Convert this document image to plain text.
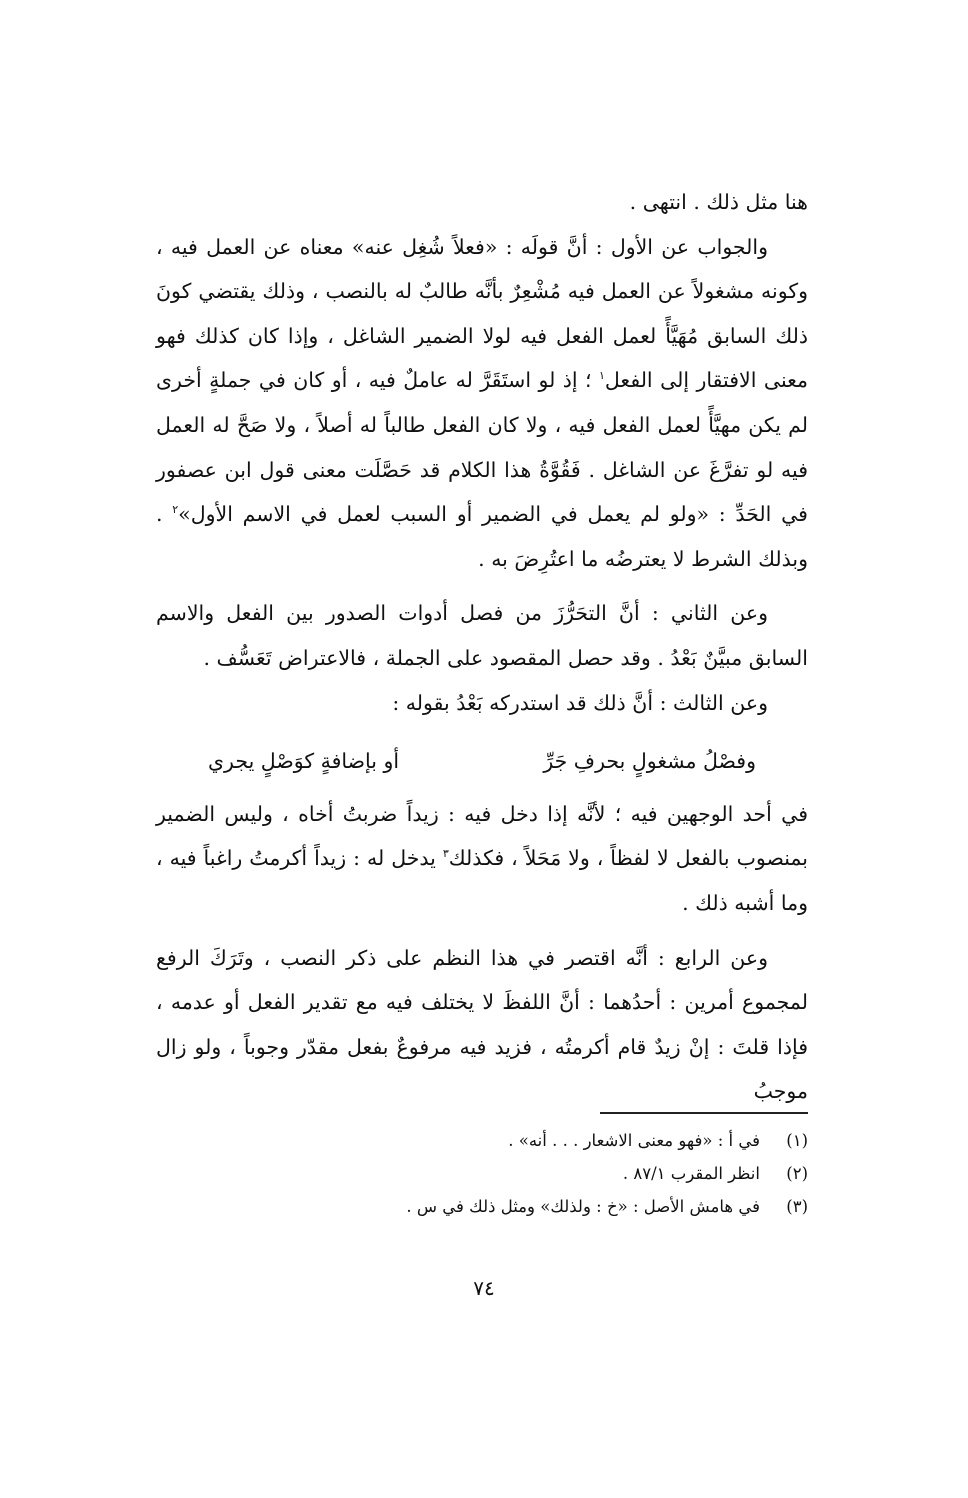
هنا مثل ذلك . انتهى .

والجواب عن الأول : أنَّ قولَه : «فعلاً شُغِل عنه» معناه عن العمل فيه ، وكونه مشغولاً عن العمل فيه مُشْعِرٌ بأنَّه طالبٌ له بالنصب ، وذلك يقتضي كونَ ذلك السابق مُهَيَّأً لعمل الفعل فيه لولا الضمير الشاغل ، وإذا كان كذلك فهو معنى الافتقار إلى الفعل$^١$ ؛ إذ لو استَقَرَّ له عاملٌ فيه ، أو كان في جملةٍ أخرى لم يكن مهيَّأً لعمل الفعل فيه ، ولا كان الفعل طالباً له أصلاً ، ولا صَحَّ له العمل فيه لو تفرَّغَ عن الشاغل . فَقُوَّةُ هذا الكلام قد حَصَّلَت معنى قول ابن عصفور في الحَدِّ : «ولو لم يعمل في الضمير أو السبب لعمل في الاسم الأول»$^٢$ . وبذلك الشرط لا يعترضُه ما اعتُرِضَ به .

وعن الثاني : أنَّ التحَرُّزَ من فصل أدوات الصدور بين الفعل والاسم السابق مبيَّنٌ بَعْدُ . وقد حصل المقصود على الجملة ، فالاعتراض تَعَسُّف .

وعن الثالث : أنَّ ذلك قد استدركه بَعْدُ بقوله :

وفصْلُ مشغولٍ بحرفِ جَرِّ
أو بإضافةٍ كوَصْلٍ يجري

في أحد الوجهين فيه ؛ لأنَّه إذا دخل فيه : زيداً ضربتُ أخاه ، وليس الضمير بمنصوب بالفعل لا لفظاً ، ولا مَحَلاً ، فكذلك$^٣$ يدخل له : زيداً أكرمتُ راغباً فيه ، وما أشبه ذلك .

وعن الرابع : أنَّه اقتصر في هذا النظم على ذكر النصب ، وتَرَكَ الرفع لمجموع أمرين : أحدُهما : أنَّ اللفظَ لا يختلف فيه مع تقدير الفعل أو عدمه ، فإذا قلتَ : إنْ زيدٌ قام أكرمتُه ، فزيد فيه مرفوعٌ بفعل مقدّر وجوباً ، ولو زال موجبُ

(١)
في أ : «فهو معنى الاشعار . . . أنه» .
(٢)
انظر المقرب ٨٧/١ .
(٣)
في هامش الأصل : «خ : ولذلك» ومثل ذلك في س .
٧٤
